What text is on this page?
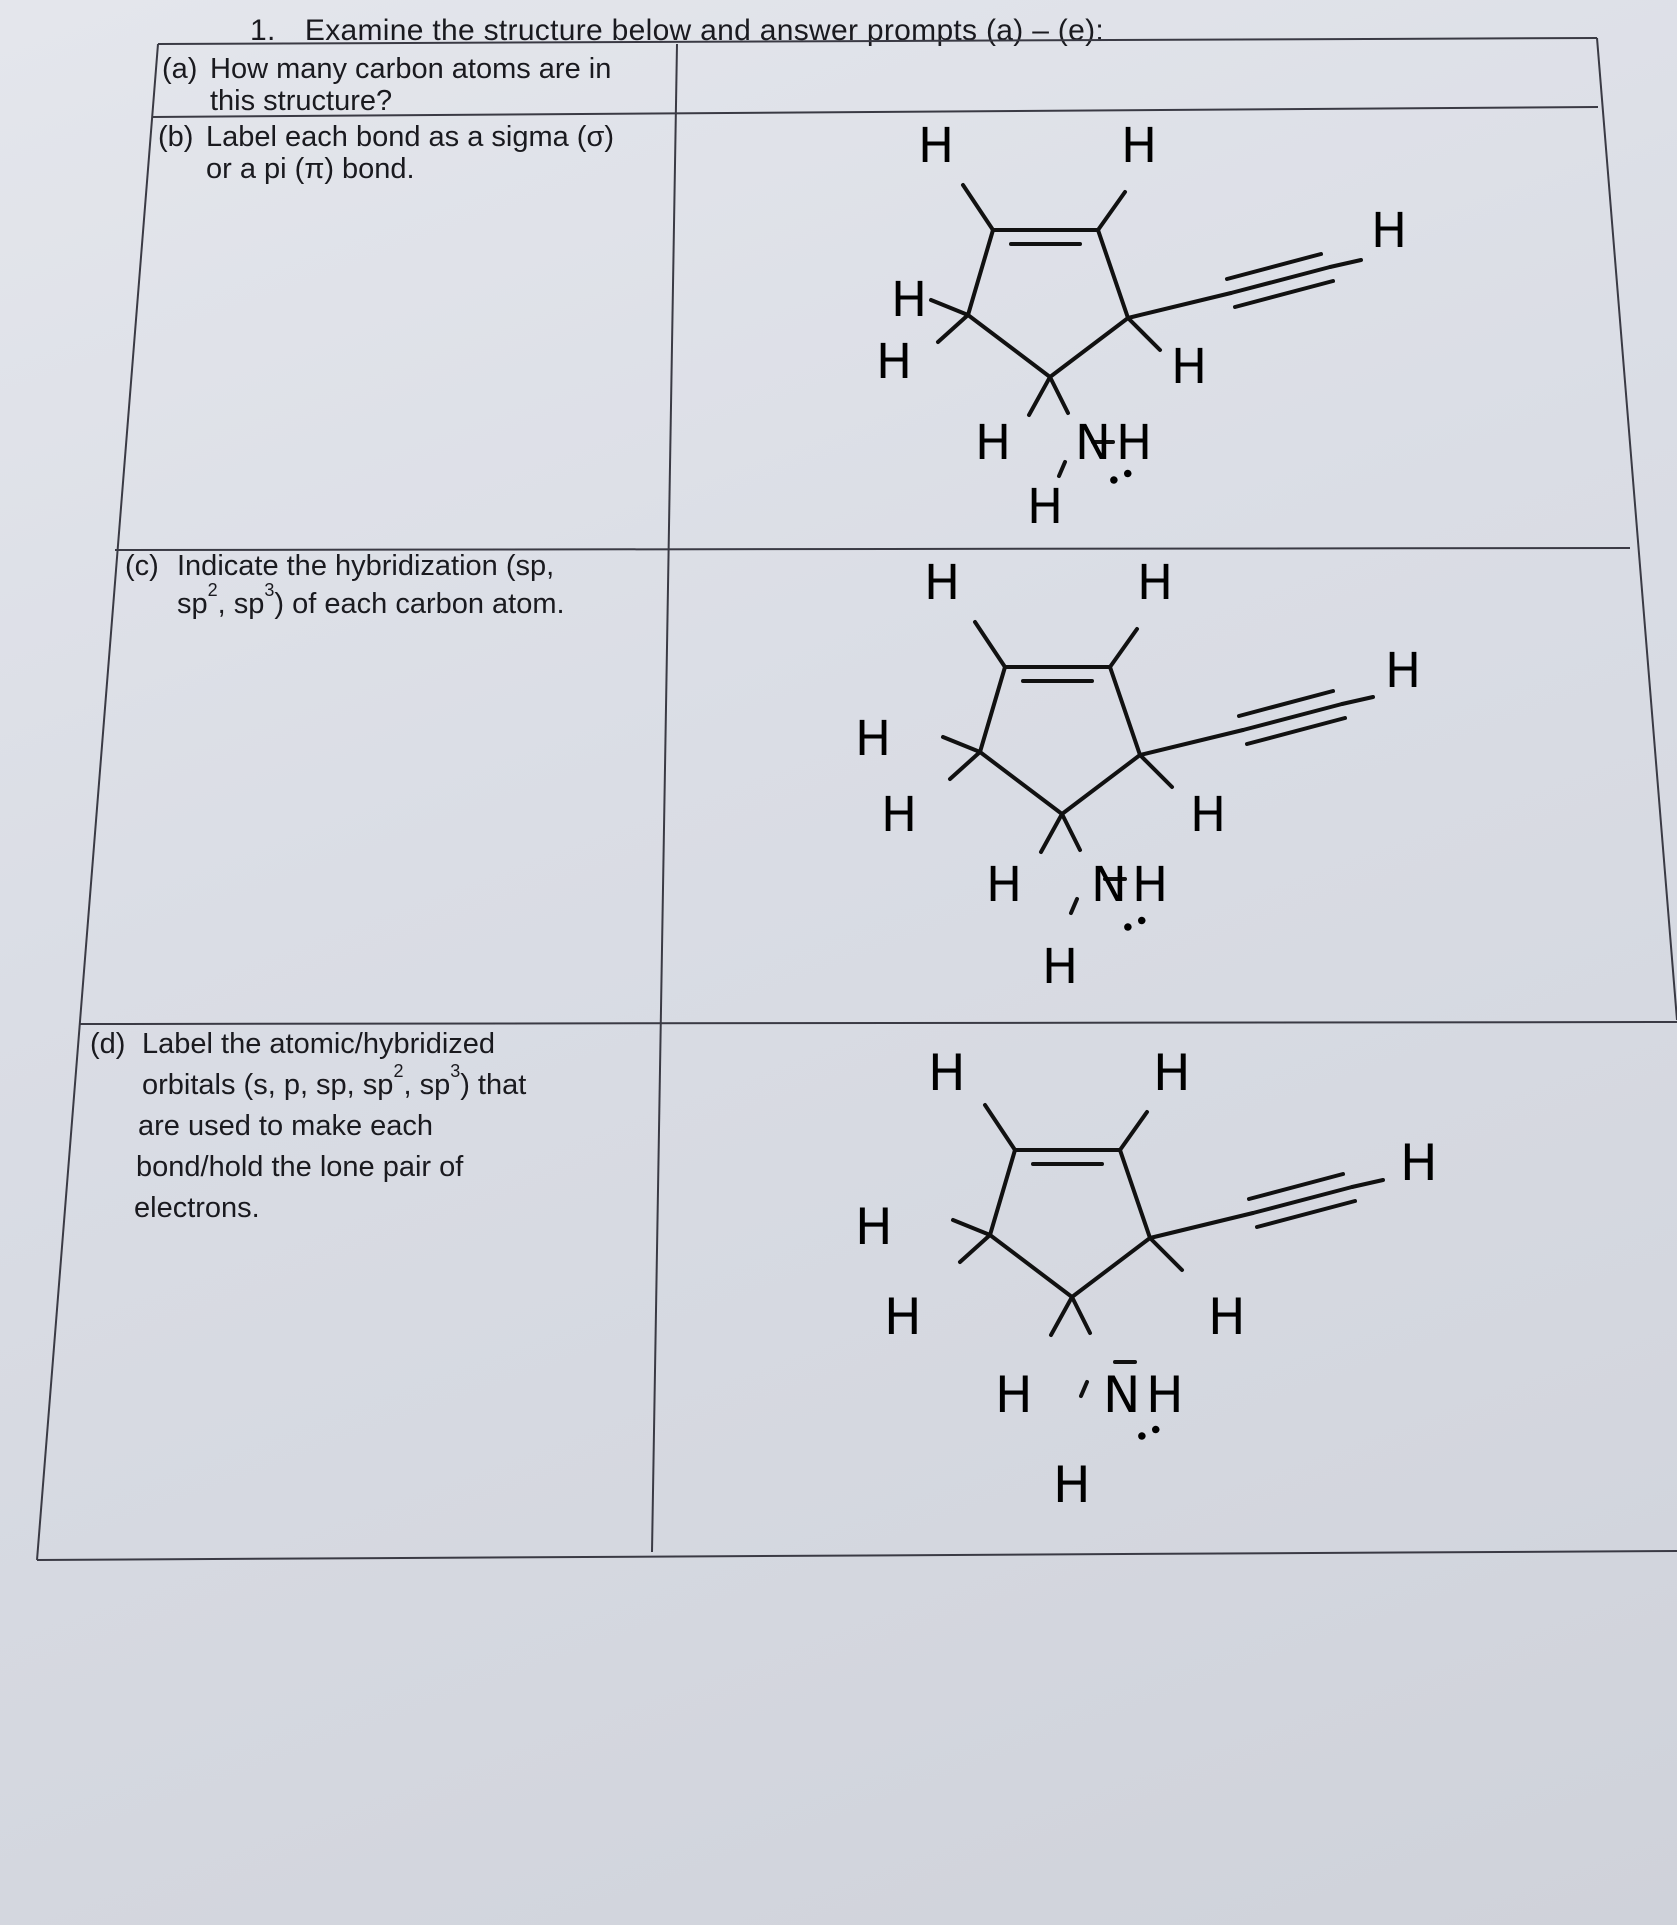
1. Examine the structure below and answer prompts (a) – (e):
(a) How many carbon atoms are in
this structure?
(b) Label each bond as a sigma (σ)
or a pi (π) bond.
(c) Indicate the hybridization (sp,
sp 2 , sp 3 ) of each carbon atom.
(d) Label the atomic/hybridized
orbitals (s, p, sp, sp 2 , sp 3 ) that
are used to make each
bond/hold the lone pair of
electrons.
H	H
H
H
H
H
H N H
H
••
H	H
H
H
H
H
H N H
H
••
H	H
H
H
H
H
H N H
H
••
